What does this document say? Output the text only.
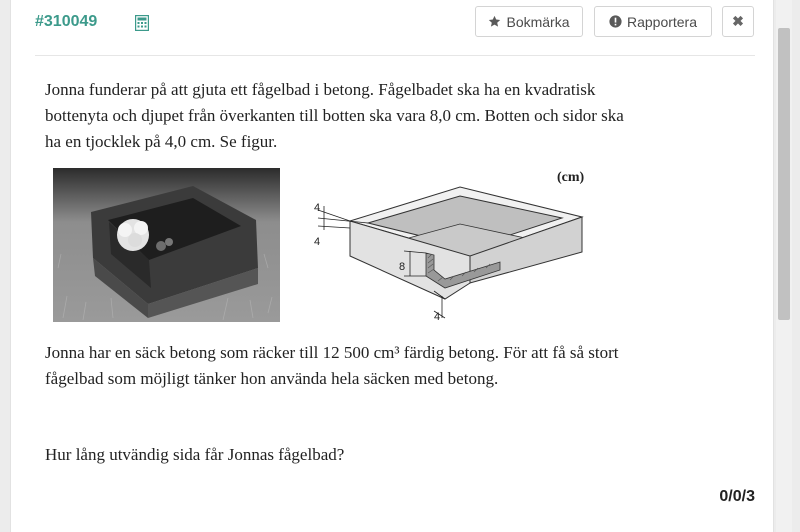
#310049	Bokmärka	Rapportera	✖

Jonna funderar på att gjuta ett fågelbad i betong. Fågelbadet ska ha en kvadratisk bottenyta och djupet från överkanten till botten ska vara 8,0 cm. Botten och sidor ska ha en tjocklek på 4,0 cm. Se figur.

(cm)
4
4
8
4

Jonna har en säck betong som räcker till 12 500 cm³ färdig betong. För att få så stort fågelbad som möjligt tänker hon använda hela säcken med betong.

Hur lång utvändig sida får Jonnas fågelbad?

0/0/3
